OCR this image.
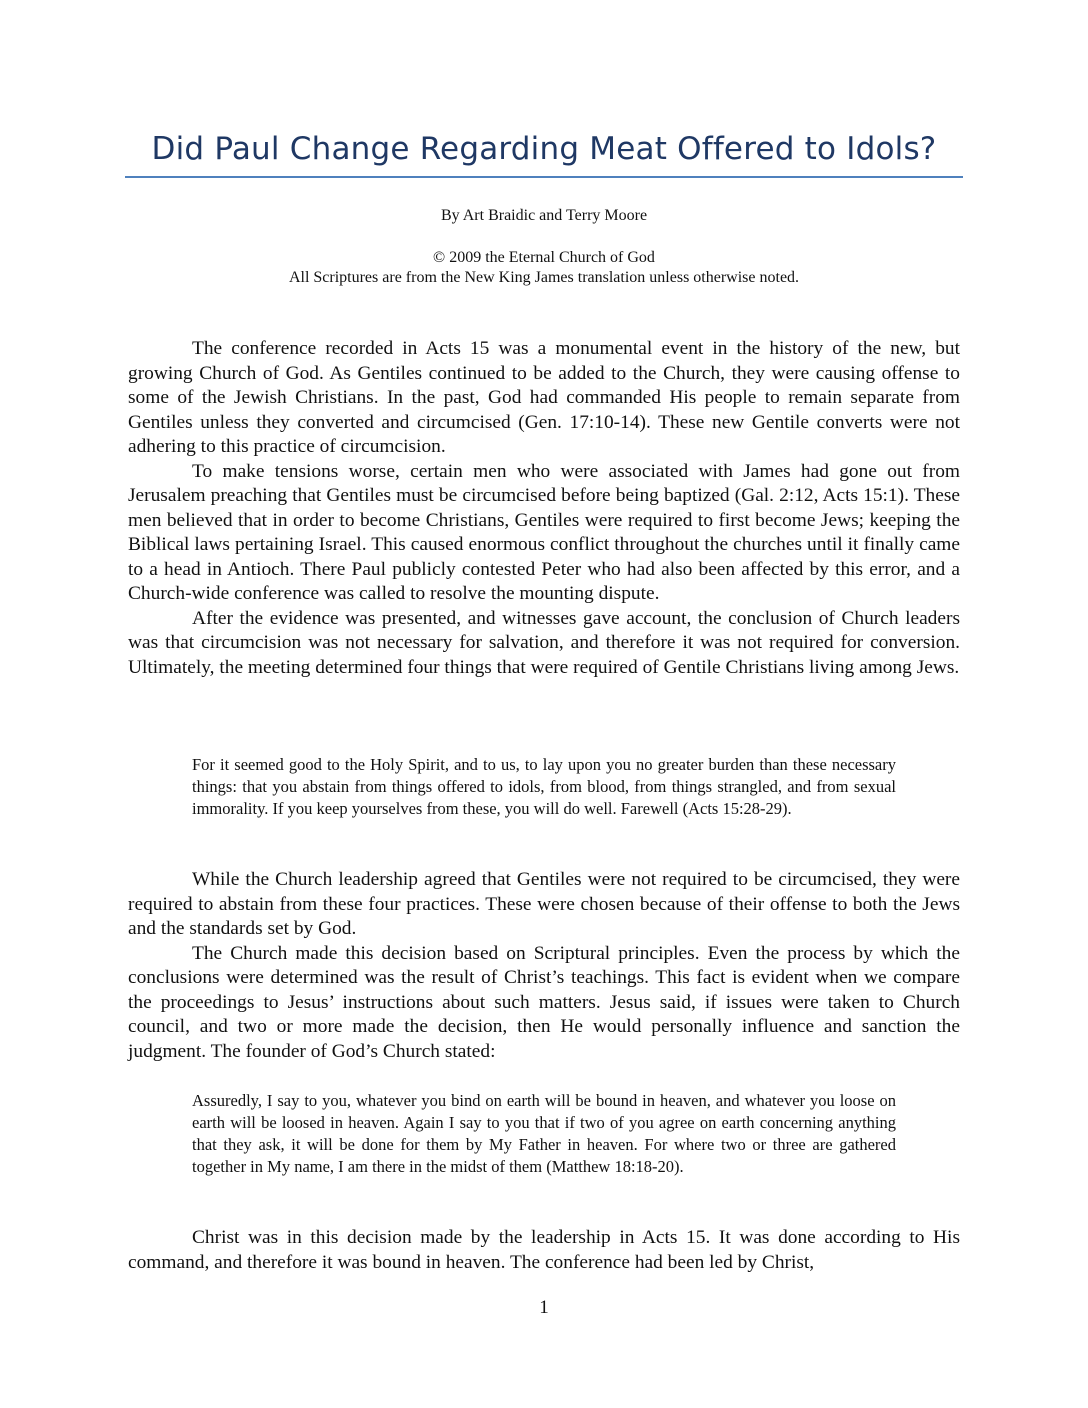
Did Paul Change Regarding Meat Offered to Idols?
By Art Braidic and Terry Moore
© 2009 the Eternal Church of God
All Scriptures are from the New King James translation unless otherwise noted.

The conference recorded in Acts 15 was a monumental event in the history of the new, but growing Church of God. As Gentiles continued to be added to the Church, they were causing offense to some of the Jewish Christians. In the past, God had commanded His people to remain separate from Gentiles unless they converted and circumcised (Gen. 17:10-14). These new Gentile converts were not adhering to this practice of circumcision.

To make tensions worse, certain men who were associated with James had gone out from Jerusalem preaching that Gentiles must be circumcised before being baptized (Gal. 2:12, Acts 15:1). These men believed that in order to become Christians, Gentiles were required to first become Jews; keeping the Biblical laws pertaining Israel. This caused enormous conflict throughout the churches until it finally came to a head in Antioch. There Paul publicly contested Peter who had also been affected by this error, and a Church-wide conference was called to resolve the mounting dispute.

After the evidence was presented, and witnesses gave account, the conclusion of Church leaders was that circumcision was not necessary for salvation, and therefore it was not required for conversion. Ultimately, the meeting determined four things that were required of Gentile Christians living among Jews.

For it seemed good to the Holy Spirit, and to us, to lay upon you no greater burden than these necessary things: that you abstain from things offered to idols, from blood, from things strangled, and from sexual immorality. If you keep yourselves from these, you will do well. Farewell (Acts 15:28-29).

While the Church leadership agreed that Gentiles were not required to be circumcised, they were required to abstain from these four practices. These were chosen because of their offense to both the Jews and the standards set by God.

The Church made this decision based on Scriptural principles. Even the process by which the conclusions were determined was the result of Christ’s teachings. This fact is evident when we compare the proceedings to Jesus’ instructions about such matters. Jesus said, if issues were taken to Church council, and two or more made the decision, then He would personally influence and sanction the judgment. The founder of God’s Church stated:

Assuredly, I say to you, whatever you bind on earth will be bound in heaven, and whatever you loose on earth will be loosed in heaven. Again I say to you that if two of you agree on earth concerning anything that they ask, it will be done for them by My Father in heaven. For where two or three are gathered together in My name, I am there in the midst of them (Matthew 18:18-20).

Christ was in this decision made by the leadership in Acts 15. It was done according to His command, and therefore it was bound in heaven. The conference had been led by Christ,

1
